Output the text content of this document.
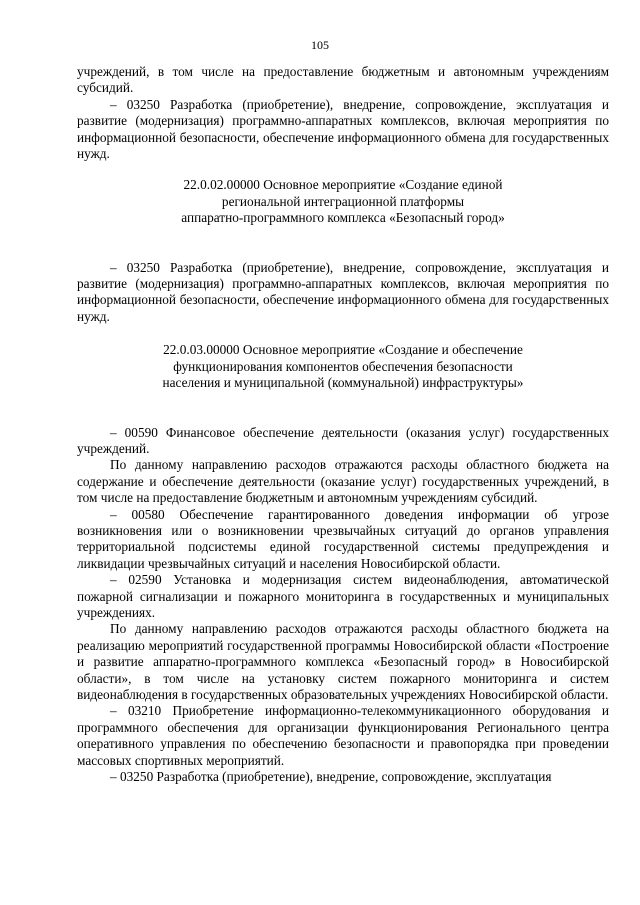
105

учреждений, в том числе на предоставление бюджетным и автономным учреждениям субсидий.

– 03250 Разработка (приобретение), внедрение, сопровождение, эксплуатация и развитие (модернизация) программно-аппаратных комплексов, включая мероприятия по информационной безопасности, обеспечение информационного обмена для государственных нужд.

22.0.02.00000 Основное мероприятие «Создание единой
региональной интеграционной платформы
аппаратно-программного комплекса «Безопасный город»

– 03250 Разработка (приобретение), внедрение, сопровождение, эксплуатация и развитие (модернизация) программно-аппаратных комплексов, включая мероприятия по информационной безопасности, обеспечение информационного обмена для государственных нужд.

22.0.03.00000 Основное мероприятие «Создание и обеспечение
функционирования компонентов обеспечения безопасности
населения и муниципальной (коммунальной) инфраструктуры»

– 00590 Финансовое обеспечение деятельности (оказания услуг) государственных учреждений.

По данному направлению расходов отражаются расходы областного бюджета на содержание и обеспечение деятельности (оказание услуг) государственных учреждений, в том числе на предоставление бюджетным и автономным учреждениям субсидий.

– 00580 Обеспечение гарантированного доведения информации об угрозе возникновения или о возникновении чрезвычайных ситуаций до органов управления территориальной подсистемы единой государственной системы предупреждения и ликвидации чрезвычайных ситуаций и населения Новосибирской области.

– 02590 Установка и модернизация систем видеонаблюдения, автоматической пожарной сигнализации и пожарного мониторинга в государственных и муниципальных учреждениях.

По данному направлению расходов отражаются расходы областного бюджета на реализацию мероприятий государственной программы Новосибирской области «Построение и развитие аппаратно-программного комплекса «Безопасный город» в Новосибирской области», в том числе на установку систем пожарного мониторинга и систем видеонаблюдения в государственных образовательных учреждениях Новосибирской области.

– 03210 Приобретение информационно-телекоммуникационного оборудования и программного обеспечения для организации функционирования Регионального центра оперативного управления по обеспечению безопасности и правопорядка при проведении массовых спортивных мероприятий.

– 03250 Разработка (приобретение), внедрение, сопровождение, эксплуатация
